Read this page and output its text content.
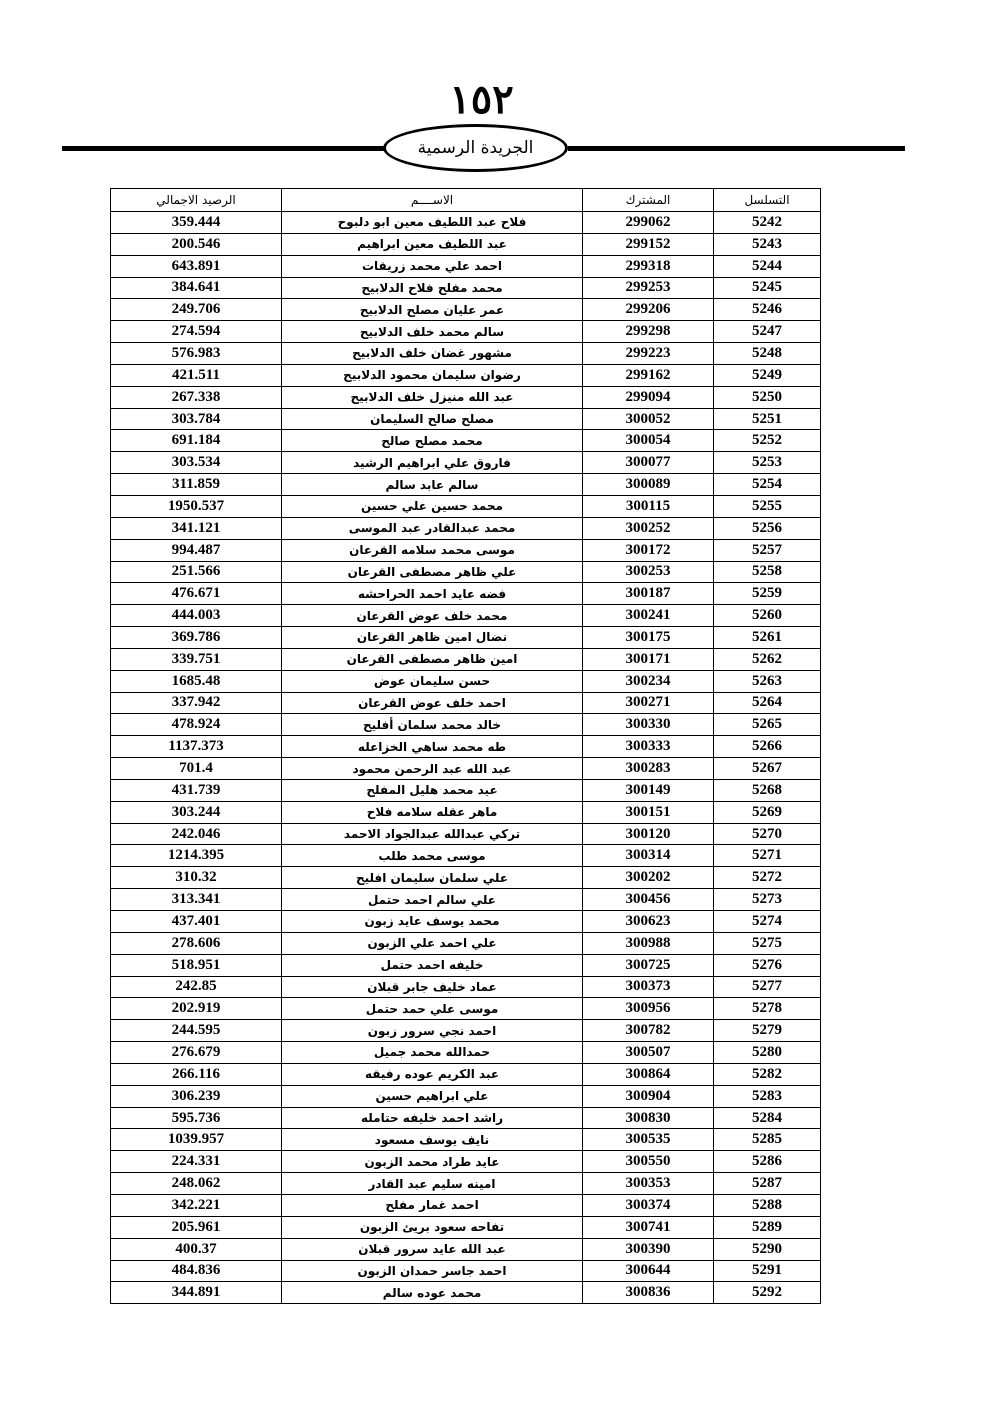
١٥٢
الجريدة الرسمية
التسلسل	المشترك	الاســــم	الرصيد الاجمالي
5242	299062	فلاح عبد اللطيف معين ابو دلبوح	359.444
5243	299152	عبد اللطيف معين ابراهيم	200.546
5244	299318	احمد علي محمد زريقات	643.891
5245	299253	محمد مفلح فلاح الدلابيح	384.641
5246	299206	عمر عليان مصلح الدلابيح	249.706
5247	299298	سالم محمد خلف الدلابيح	274.594
5248	299223	مشهور غضان خلف الدلابيح	576.983
5249	299162	رضوان سليمان محمود الدلابيح	421.511
5250	299094	عبد الله منيزل خلف الدلابيح	267.338
5251	300052	مصلح صالح السليمان	303.784
5252	300054	محمد مصلح صالح	691.184
5253	300077	فاروق علي ابراهيم الرشيد	303.534
5254	300089	سالم عابد سالم	311.859
5255	300115	محمد حسين علي حسين	1950.537
5256	300252	محمد عبدالقادر عبد الموسى	341.121
5257	300172	موسى محمد سلامه القرعان	994.487
5258	300253	علي ظاهر مصطفى القرعان	251.566
5259	300187	فضه عايد احمد الحراحشه	476.671
5260	300241	محمد خلف عوض القرعان	444.003
5261	300175	نضال امين ظاهر القرعان	369.786
5262	300171	امين ظاهر مصطفى القرعان	339.751
5263	300234	حسن سليمان عوض	1685.48
5264	300271	احمد خلف عوض القرعان	337.942
5265	300330	خالد محمد سلمان أفليح	478.924
5266	300333	طه محمد ساهي الخزاعله	1137.373
5267	300283	عبد الله عبد الرحمن محمود	701.4
5268	300149	عيد محمد هليل المفلح	431.739
5269	300151	ماهر عقله سلامه فلاح	303.244
5270	300120	تركي عبدالله عبدالجواد الاحمد	242.046
5271	300314	موسى محمد طلب	1214.395
5272	300202	علي سلمان سليمان افليح	310.32
5273	300456	علي سالم احمد حتمل	313.341
5274	300623	محمد يوسف عايد زبون	437.401
5275	300988	علي احمد علي الزبون	278.606
5276	300725	خليفه احمد حتمل	518.951
5277	300373	عماد خليف جابر قبلان	242.85
5278	300956	موسى علي حمد حتمل	202.919
5279	300782	احمد نجي سرور زبون	244.595
5280	300507	حمدالله محمد جميل	276.679
5282	300864	عبد الكريم عوده رفيقه	266.116
5283	300904	علي ابراهيم حسين	306.239
5284	300830	راشد احمد خليفه حتامله	595.736
5285	300535	نايف يوسف مسعود	1039.957
5286	300550	عايد طراد محمد الزبون	224.331
5287	300353	امينه سليم عبد القادر	248.062
5288	300374	احمد غمار مفلح	342.221
5289	300741	تفاحه سعود بريئ الزبون	205.961
5290	300390	عبد الله عايد سرور قبلان	400.37
5291	300644	احمد جاسر حمدان الزبون	484.836
5292	300836	محمد عوده سالم	344.891
